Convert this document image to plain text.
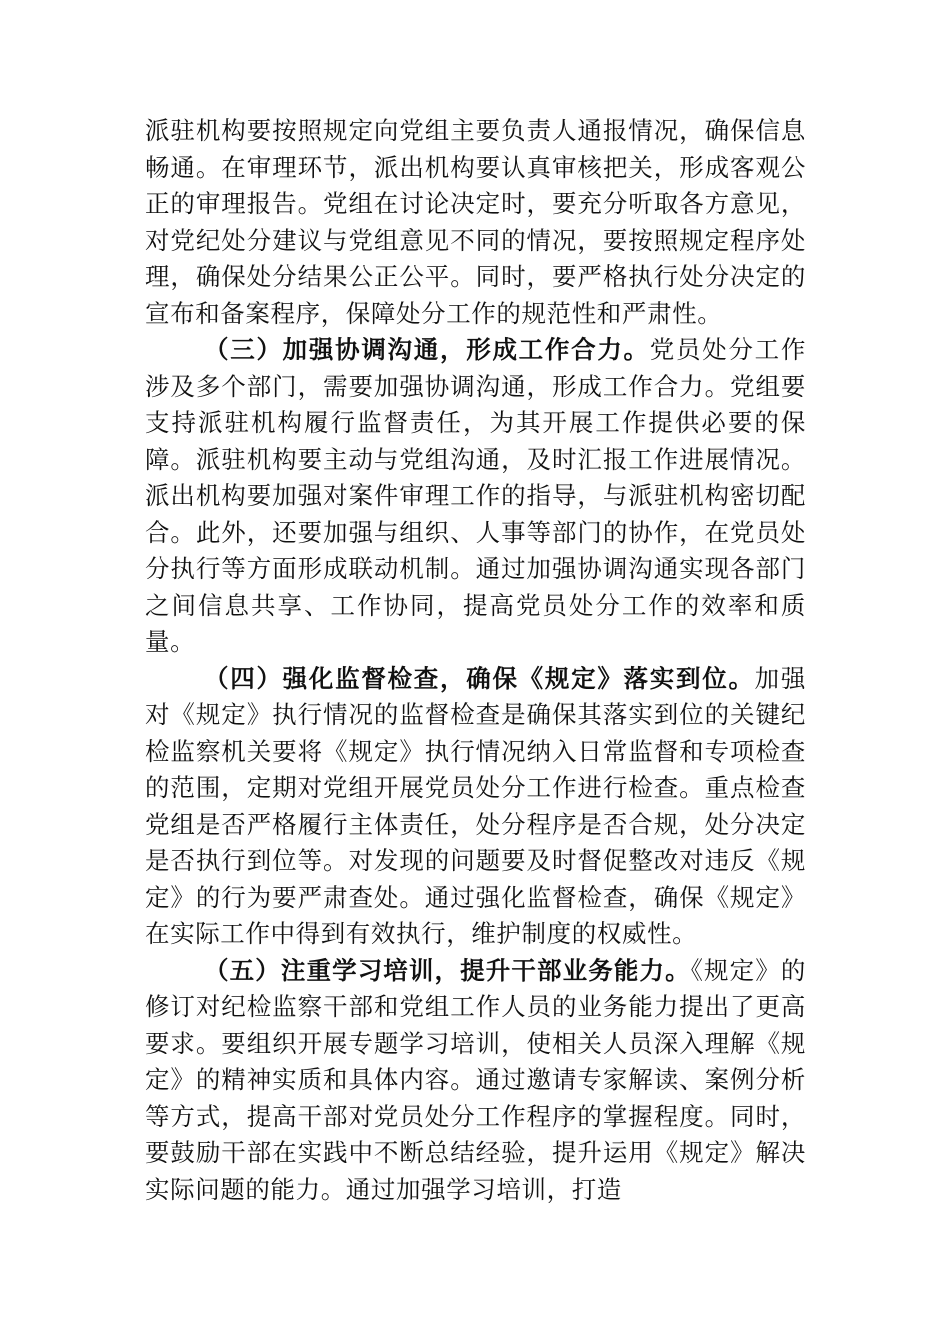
派驻机构要按照规定向党组主要负责人通报情况，确保信息畅通。在审理环节，派出机构要认真审核把关，形成客观公正的审理报告。党组在讨论决定时，要充分听取各方意见，对党纪处分建议与党组意见不同的情况，要按照规定程序处理，确保处分结果公正公平。同时，要严格执行处分决定的宣布和备案程序，保障处分工作的规范性和严肃性。

（三）加强协调沟通，形成工作合力。党员处分工作涉及多个部门，需要加强协调沟通，形成工作合力。党组要支持派驻机构履行监督责任，为其开展工作提供必要的保障。派驻机构要主动与党组沟通，及时汇报工作进展情况。派出机构要加强对案件审理工作的指导，与派驻机构密切配合。此外，还要加强与组织、人事等部门的协作，在党员处分执行等方面形成联动机制。通过加强协调沟通实现各部门之间信息共享、工作协同，提高党员处分工作的效率和质量。

（四）强化监督检查，确保《规定》落实到位。加强对《规定》执行情况的监督检查是确保其落实到位的关键纪检监察机关要将《规定》执行情况纳入日常监督和专项检查的范围，定期对党组开展党员处分工作进行检查。重点检查党组是否严格履行主体责任，处分程序是否合规，处分决定是否执行到位等。对发现的问题要及时督促整改对违反《规定》的行为要严肃查处。通过强化监督检查，确保《规定》在实际工作中得到有效执行，维护制度的权威性。

（五）注重学习培训，提升干部业务能力。《规定》的修订对纪检监察干部和党组工作人员的业务能力提出了更高要求。要组织开展专题学习培训，使相关人员深入理解《规定》的精神实质和具体内容。通过邀请专家解读、案例分析等方式，提高干部对党员处分工作程序的掌握程度。同时，要鼓励干部在实践中不断总结经验，提升运用《规定》解决实际问题的能力。通过加强学习培训，打造
